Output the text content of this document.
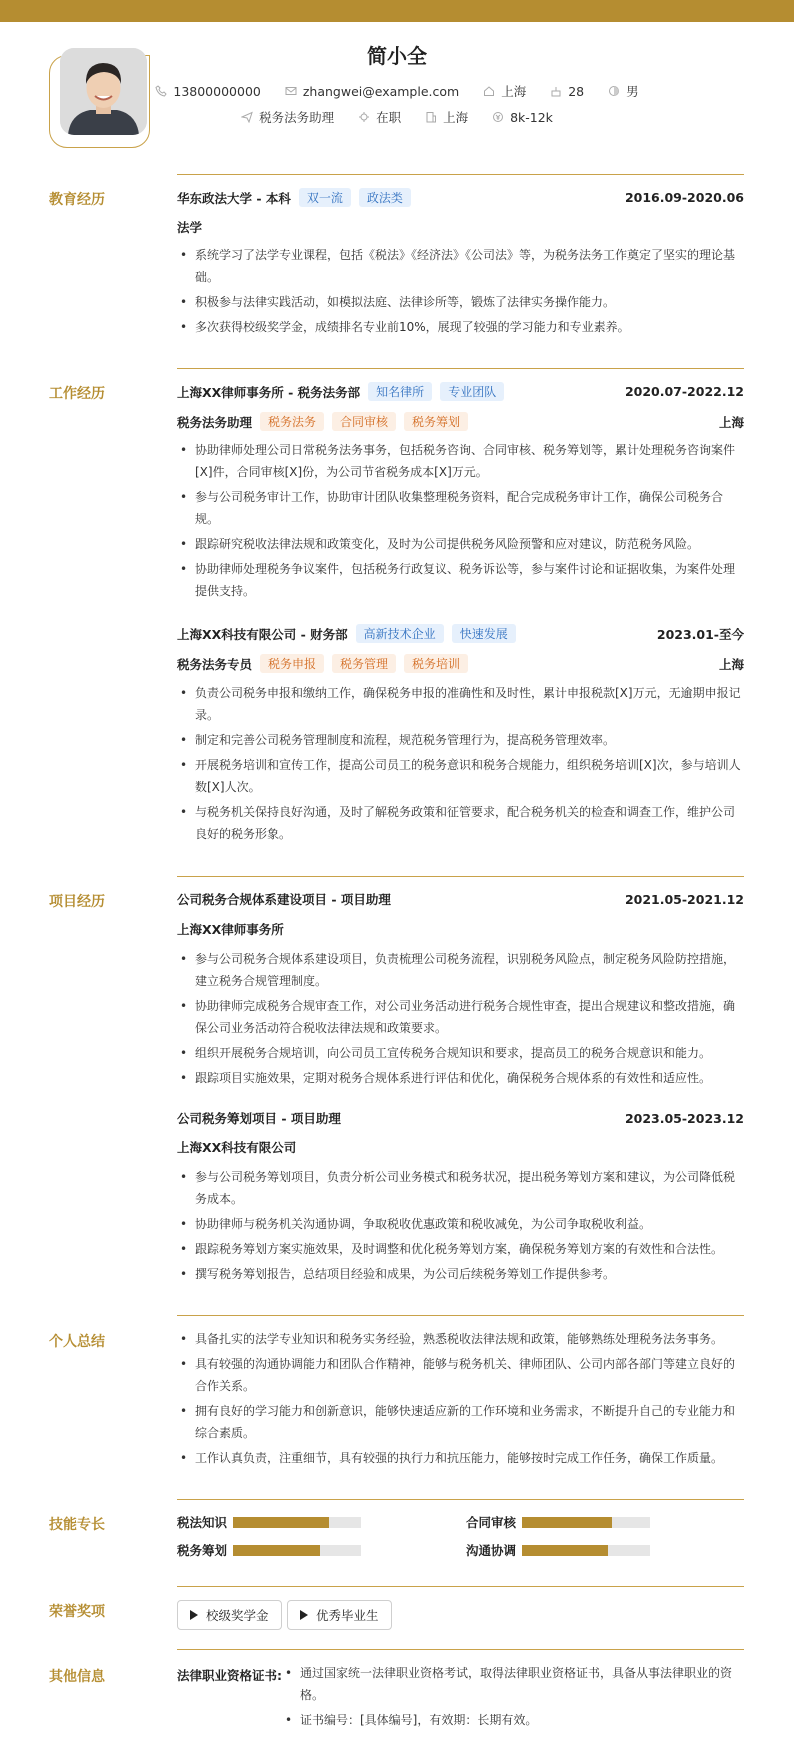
简小全
13800000000
	zhangwei@example.com
	上海
	28
	男
税务法务助理
	在职
	上海
	8k-12k
教育经历	华东政法大学 - 本科	双一流	政法类	2016.09-2020.06
法学
• 系统学习了法学专业课程，包括《税法》《经济法》《公司法》等，为税务法务工作奠定了坚实的理论基础。
• 积极参与法律实践活动，如模拟法庭、法律诊所等，锻炼了法律实务操作能力。
• 多次获得校级奖学金，成绩排名专业前10%，展现了较强的学习能力和专业素养。
工作经历	上海XX律师事务所 - 税务法务部	知名律所	专业团队	2020.07-2022.12
税务法务助理	税务法务	合同审核	税务筹划	上海
• 协助律师处理公司日常税务法务事务，包括税务咨询、合同审核、税务筹划等，累计处理税务咨询案件[X]件，合同审核[X]份，为公司节省税务成本[X]万元。
• 参与公司税务审计工作，协助审计团队收集整理税务资料，配合完成税务审计工作，确保公司税务合规。
• 跟踪研究税收法律法规和政策变化，及时为公司提供税务风险预警和应对建议，防范税务风险。
• 协助律师处理税务争议案件，包括税务行政复议、税务诉讼等，参与案件讨论和证据收集，为案件处理提供支持。
上海XX科技有限公司 - 财务部	高新技术企业	快速发展	2023.01-至今
税务法务专员	税务申报	税务管理	税务培训	上海
• 负责公司税务申报和缴纳工作，确保税务申报的准确性和及时性，累计申报税款[X]万元，无逾期申报记录。
• 制定和完善公司税务管理制度和流程，规范税务管理行为，提高税务管理效率。
• 开展税务培训和宣传工作，提高公司员工的税务意识和税务合规能力，组织税务培训[X]次，参与培训人数[X]人次。
• 与税务机关保持良好沟通，及时了解税务政策和征管要求，配合税务机关的检查和调查工作，维护公司良好的税务形象。
项目经历	公司税务合规体系建设项目 - 项目助理	2021.05-2021.12
上海XX律师事务所
• 参与公司税务合规体系建设项目，负责梳理公司税务流程，识别税务风险点，制定税务风险防控措施，建立税务合规管理制度。
• 协助律师完成税务合规审查工作，对公司业务活动进行税务合规性审查，提出合规建议和整改措施，确保公司业务活动符合税收法律法规和政策要求。
• 组织开展税务合规培训，向公司员工宣传税务合规知识和要求，提高员工的税务合规意识和能力。
• 跟踪项目实施效果，定期对税务合规体系进行评估和优化，确保税务合规体系的有效性和适应性。
公司税务筹划项目 - 项目助理	2023.05-2023.12
上海XX科技有限公司
• 参与公司税务筹划项目，负责分析公司业务模式和税务状况，提出税务筹划方案和建议，为公司降低税务成本。
• 协助律师与税务机关沟通协调，争取税收优惠政策和税收减免，为公司争取税收利益。
• 跟踪税务筹划方案实施效果，及时调整和优化税务筹划方案，确保税务筹划方案的有效性和合法性。
• 撰写税务筹划报告，总结项目经验和成果，为公司后续税务筹划工作提供参考。
个人总结	• 具备扎实的法学专业知识和税务实务经验，熟悉税收法律法规和政策，能够熟练处理税务法务事务。
• 具有较强的沟通协调能力和团队合作精神，能够与税务机关、律师团队、公司内部各部门等建立良好的合作关系。
• 拥有良好的学习能力和创新意识，能够快速适应新的工作环境和业务需求，不断提升自己的专业能力和综合素质。
• 工作认真负责，注重细节，具有较强的执行力和抗压能力，能够按时完成工作任务，确保工作质量。
技能专长	税法知识	合同审核
税务筹划	沟通协调
荣誉奖项	校级奖学金	优秀毕业生
其他信息	法律职业资格证书:	• 通过国家统一法律职业资格考试，取得法律职业资格证书，具备从事法律职业的资格。
• 证书编号：[具体编号]，有效期：长期有效。
